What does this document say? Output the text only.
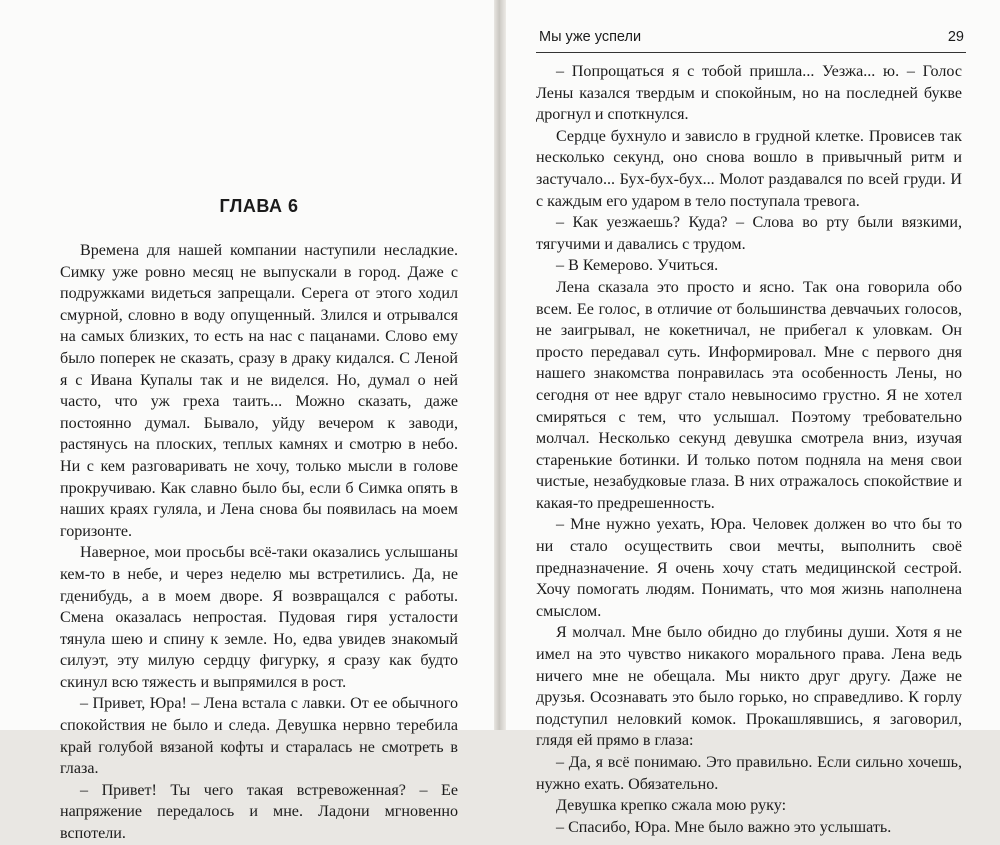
ГЛАВА 6

Времена для нашей компании наступили несладкие. Симку уже ровно месяц не выпускали в город. Даже с подружками видеться запрещали. Серега от этого ходил смурной, словно в воду опущенный. Злился и отрывался на самых близких, то есть на нас с пацанами. Слово ему было поперек не сказать, сразу в драку кидался. С Леной я с Ивана Купалы так и не виделся. Но, думал о ней часто, что уж греха таить... Можно сказать, даже постоянно думал. Бывало, уйду вечером к заводи, растянусь на плоских, теплых камнях и смотрю в небо. Ни с кем разговаривать не хочу, только мысли в голове прокручиваю. Как славно было бы, если б Симка опять в наших краях гуляла, и Лена снова бы появилась на моем горизонте.

Наверное, мои просьбы всё-таки оказались услышаны кем-то в небе, и через неделю мы встретились. Да, не гденибудь, а в моем дворе. Я возвращался с работы. Смена оказалась непростая. Пудовая гиря усталости тянула шею и спину к земле. Но, едва увидев знакомый силуэт, эту милую сердцу фигурку, я сразу как будто скинул всю тяжесть и выпрямился в рост.

– Привет, Юра! – Лена встала с лавки. От ее обычного спокойствия не было и следа. Девушка нервно теребила край голубой вязаной кофты и старалась не смотреть в глаза.

– Привет! Ты чего такая встревоженная? – Ее напряжение передалось и мне. Ладони мгновенно вспотели.

Мы уже успели	29

– Попрощаться я с тобой пришла... Уезжа... ю. – Голос Лены казался твердым и спокойным, но на последней букве дрогнул и споткнулся.

Сердце бухнуло и зависло в грудной клетке. Провисев так несколько секунд, оно снова вошло в привычный ритм и застучало... Бух-бух-бух... Молот раздавался по всей груди. И с каждым его ударом в тело поступала тревога.

– Как уезжаешь? Куда? – Слова во рту были вязкими, тягучими и давались с трудом.

– В Кемерово. Учиться.

Лена сказала это просто и ясно. Так она говорила обо всем. Ее голос, в отличие от большинства девчачьих голосов, не заигрывал, не кокетничал, не прибегал к уловкам. Он просто передавал суть. Информировал. Мне с первого дня нашего знакомства понравилась эта особенность Лены, но сегодня от нее вдруг стало невыносимо грустно. Я не хотел смиряться с тем, что услышал. Поэтому требовательно молчал. Несколько секунд девушка смотрела вниз, изучая старенькие ботинки. И только потом подняла на меня свои чистые, незабудковые глаза. В них отражалось спокойствие и какая-то предрешенность.

– Мне нужно уехать, Юра. Человек должен во что бы то ни стало осуществить свои мечты, выполнить своё предназначение. Я очень хочу стать медицинской сестрой. Хочу помогать людям. Понимать, что моя жизнь наполнена смыслом.

Я молчал. Мне было обидно до глубины души. Хотя я не имел на это чувство никакого морального права. Лена ведь ничего мне не обещала. Мы никто друг другу. Даже не друзья. Осознавать это было горько, но справедливо. К горлу подступил неловкий комок. Прокашлявшись, я заговорил, глядя ей прямо в глаза:

– Да, я всё понимаю. Это правильно. Если сильно хочешь, нужно ехать. Обязательно.

Девушка крепко сжала мою руку:

– Спасибо, Юра. Мне было важно это услышать.
